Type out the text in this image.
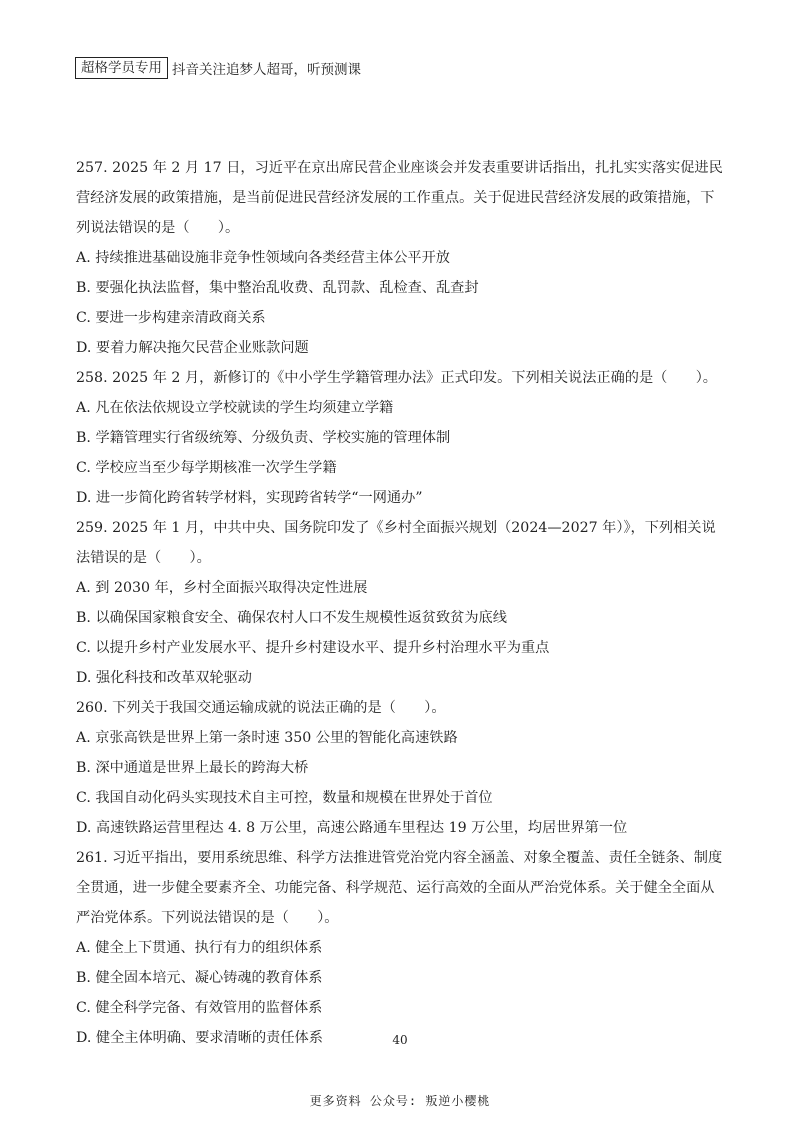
超格学员专用 抖音关注追梦人超哥，听预测课

257. 2025 年 2 月 17 日，习近平在京出席民营企业座谈会并发表重要讲话指出，扎扎实实落实促进民营经济发展的政策措施，是当前促进民营经济发展的工作重点。关于促进民营经济发展的政策措施，下列说法错误的是（　　）。

A. 持续推进基础设施非竞争性领域向各类经营主体公平开放

B. 要强化执法监督，集中整治乱收费、乱罚款、乱检查、乱查封

C. 要进一步构建亲清政商关系

D. 要着力解决拖欠民营企业账款问题

258. 2025 年 2 月，新修订的《中小学生学籍管理办法》正式印发。下列相关说法正确的是（　　）。

A. 凡在依法依规设立学校就读的学生均须建立学籍

B. 学籍管理实行省级统筹、分级负责、学校实施的管理体制

C. 学校应当至少每学期核准一次学生学籍

D. 进一步简化跨省转学材料，实现跨省转学“一网通办”

259. 2025 年 1 月，中共中央、国务院印发了《乡村全面振兴规划（2024—2027 年）》，下列相关说法错误的是（　　）。

A. 到 2030 年，乡村全面振兴取得决定性进展

B. 以确保国家粮食安全、确保农村人口不发生规模性返贫致贫为底线

C. 以提升乡村产业发展水平、提升乡村建设水平、提升乡村治理水平为重点

D. 强化科技和改革双轮驱动

260. 下列关于我国交通运输成就的说法正确的是（　　）。

A. 京张高铁是世界上第一条时速 350 公里的智能化高速铁路

B. 深中通道是世界上最长的跨海大桥

C. 我国自动化码头实现技术自主可控，数量和规模在世界处于首位

D. 高速铁路运营里程达 4. 8 万公里，高速公路通车里程达 19 万公里，均居世界第一位

261. 习近平指出，要用系统思维、科学方法推进管党治党内容全涵盖、对象全覆盖、责任全链条、制度全贯通，进一步健全要素齐全、功能完备、科学规范、运行高效的全面从严治党体系。关于健全全面从严治党体系。下列说法错误的是（　　）。

A. 健全上下贯通、执行有力的组织体系

B. 健全固本培元、凝心铸魂的教育体系

C. 健全科学完备、有效管用的监督体系

D. 健全主体明确、要求清晰的责任体系	40
更多资料 公众号: 叛逆小樱桃
